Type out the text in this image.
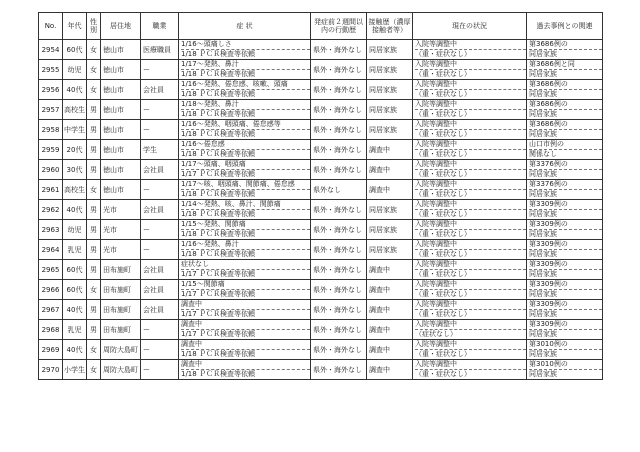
No.	年代	性別	居住地	職業	症 状	発症前２週間以内の行動歴	接触歴（濃厚接触者等）	現在の状況	過去事例との関連
2954	60代	女	徳山市	医療職員	1/16～頭痛しさ
1/18 ＰＣＲ検査等依頼	県外・海外なし	同居家族	入院等調整中
（重・症状なし）	第3686例の
同居家族

2955	幼児	女	徳山市	ー	1/17～発熱、鼻汁
1/18 ＰＣＲ検査等依頼	県外・海外なし	同居家族	入院等調整中
（重・症状なし）	第3686例と同
同居家族

2956	40代	女	徳山市	会社員	1/16～発熱、倦怠感、咳嗽、頭痛
1/18 ＰＣＲ検査等依頼	県外・海外なし	同居家族	入院等調整中
（重・症状なし）	第3686例の
同居家族

2957	高校生	男	徳山市	ー	1/18～発熱、鼻汁
1/18 ＰＣＲ検査等依頼	県外・海外なし	同居家族	入院等調整中
（重・症状なし）	第3686例の
同居家族

2958	中学生	男	徳山市	ー	1/16～発熱、咽頭痛、倦怠感等
1/18 ＰＣＲ検査等依頼	県外・海外なし	同居家族	入院等調整中
（重・症状なし）	第3686例の
同居家族

2959	20代	男	徳山市	学生	1/16～倦怠感
1/18 ＰＣＲ検査等依頼	県外・海外なし	調査中	入院等調整中
（重・症状なし）	山口市例の
関係なし

2960	30代	男	徳山市	会社員	1/17～頭痛、咽頭痛
1/17 ＰＣＲ検査等依頼	県外・海外なし	調査中	入院等調整中
（重・症状なし）	第3376例の
同居家族

2961	高校生	女	徳山市	ー	1/17～咳、咽頭痛、関節痛、倦怠感
1/18 ＰＣＲ検査等依頼	県外なし	調査中	入院等調整中
（重・症状なし）	第3376例の
同居家族

2962	40代	男	光市	会社員	1/14～発熱、咳、鼻汁、関節痛
1/18 ＰＣＲ検査等依頼	県外・海外なし	同居家族	入院等調整中
（重・症状なし）	第3309例の
同居家族

2963	幼児	男	光市	ー	1/15～発熱、関節痛
1/18 ＰＣＲ検査等依頼	県外・海外なし	同居家族	入院等調整中
（重・症状なし）	第3309例の
同居家族

2964	乳児	男	光市	ー	1/16～発熱、鼻汁
1/18 ＰＣＲ検査等依頼	県外・海外なし	同居家族	入院等調整中
（重・症状なし）	第3309例の
同居家族

2965	60代	男	田布施町	会社員	症状なし
1/17 ＰＣＲ検査等依頼	県外・海外なし	調査中	入院等調整中
（重・症状なし）	第3309例の
同居家族

2966	60代	女	田布施町	会社員	1/15～関節痛
1/17 ＰＣＲ検査等依頼	県外・海外なし	調査中	入院等調整中
（重・症状なし）	第3309例の
同居家族

2967	40代	男	田布施町	会社員	調査中
1/17 ＰＣＲ検査等依頼	県外・海外なし	調査中	入院等調整中
（重・症状なし）	第3309例の
同居家族

2968	乳児	男	田布施町	ー	調査中
1/17 ＰＣＲ検査等依頼	県外・海外なし	調査中	入院等調整中
（症状なし）	第3309例の
同居家族

2969	40代	女	周防大島町	ー	調査中
1/18 ＰＣＲ検査等依頼	県外・海外なし	調査中	入院等調整中
（重・症状なし）	第3010例の
同居家族

2970	小学生	女	周防大島町	ー	調査中
1/18 ＰＣＲ検査等依頼	県外・海外なし	調査中	入院等調整中
（重・症状なし）	第3010例の
同居家族
